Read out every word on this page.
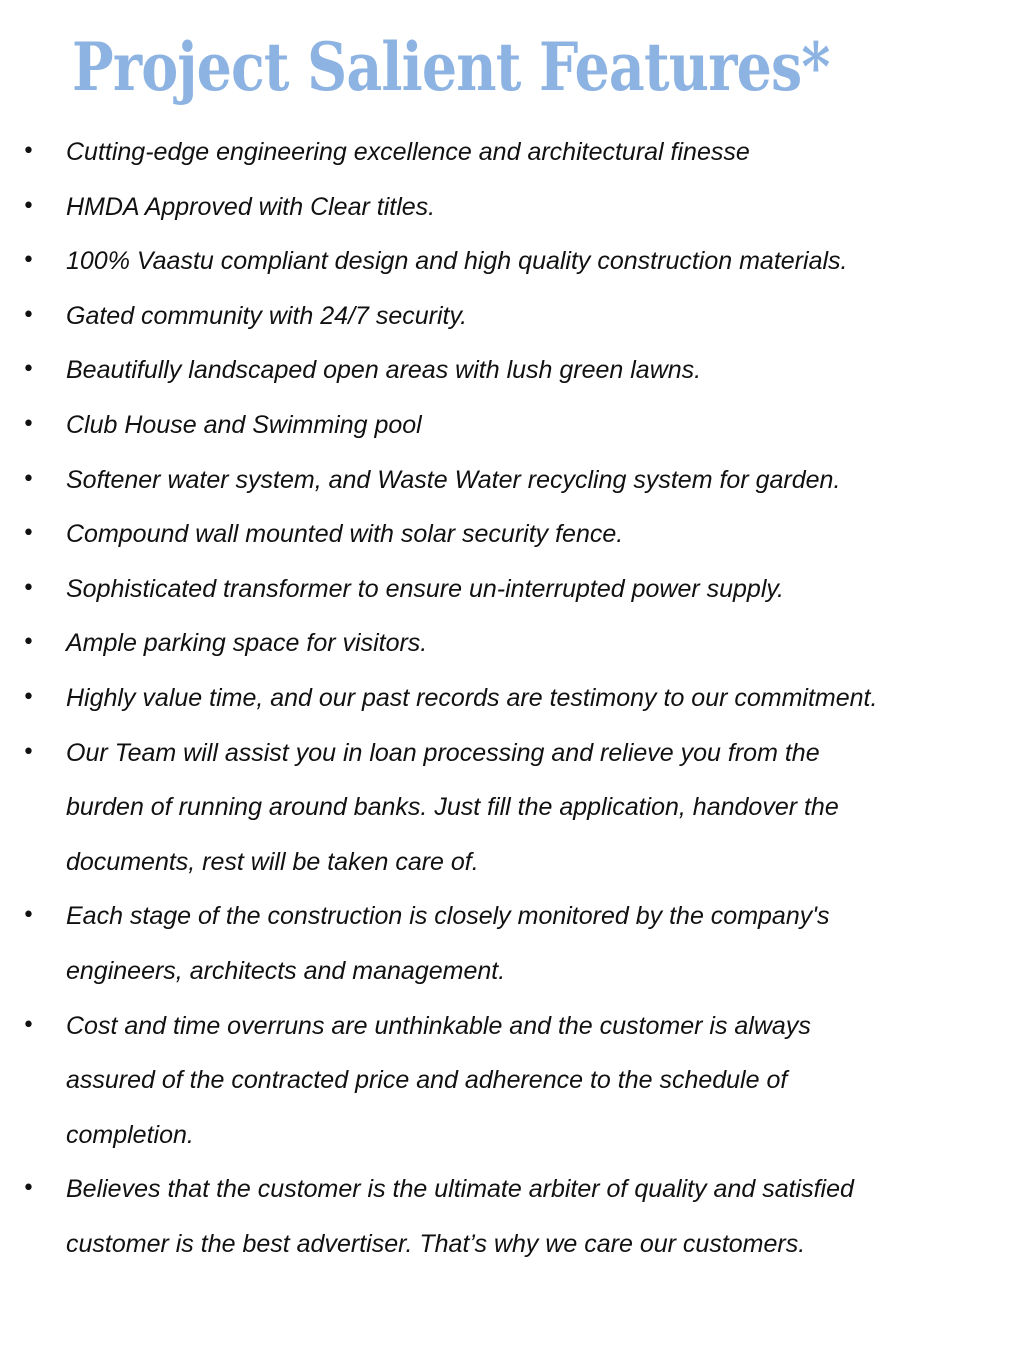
Project Salient Features*
• Cutting-edge engineering excellence and architectural finesse
• HMDA Approved with Clear titles.
• 100% Vaastu compliant design and high quality construction materials.
• Gated community with 24/7 security.
• Beautifully landscaped open areas with lush green lawns.
• Club House and Swimming pool
• Softener water system, and Waste Water recycling system for garden.
• Compound wall mounted with solar security fence.
• Sophisticated transformer to ensure un-interrupted power supply.
• Ample parking space for visitors.
• Highly value time, and our past records are testimony to our commitment.
• Our Team will assist you in loan processing and relieve you from the
burden of running around banks. Just fill the application, handover the
documents, rest will be taken care of.
• Each stage of the construction is closely monitored by the company's
engineers, architects and management.
• Cost and time overruns are unthinkable and the customer is always
assured of the contracted price and adherence to the schedule of
completion.
• Believes that the customer is the ultimate arbiter of quality and satisfied
customer is the best advertiser. That’s why we care our customers.
